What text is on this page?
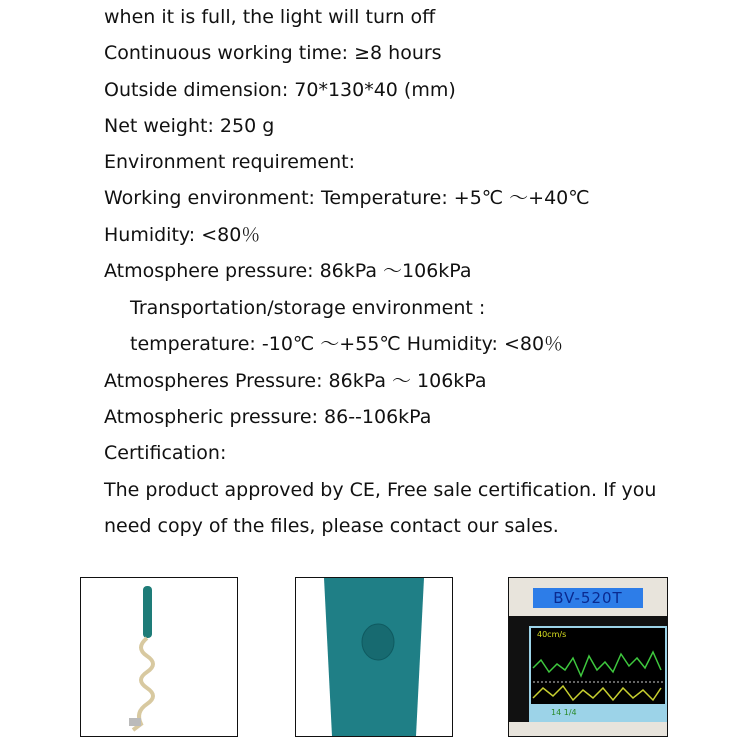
when it is full, the light will turn off
Continuous working time: ≥8 hours
Outside dimension: 70*130*40 (mm)
Net weight: 250 g
Environment requirement:
Working environment: Temperature: +5℃ ～+40℃
Humidity: <80％
Atmosphere pressure: 86kPa ～106kPa
Transportation/storage environment :
temperature: -10℃ ～+55℃ Humidity: <80％
Atmospheres Pressure: 86kPa ～ 106kPa
Atmospheric pressure: 86--106kPa
Certification:
The product approved by CE, Free sale certification. If you
need copy of the files, please contact our sales.
BV-520T
40cm/s
14 1/4
